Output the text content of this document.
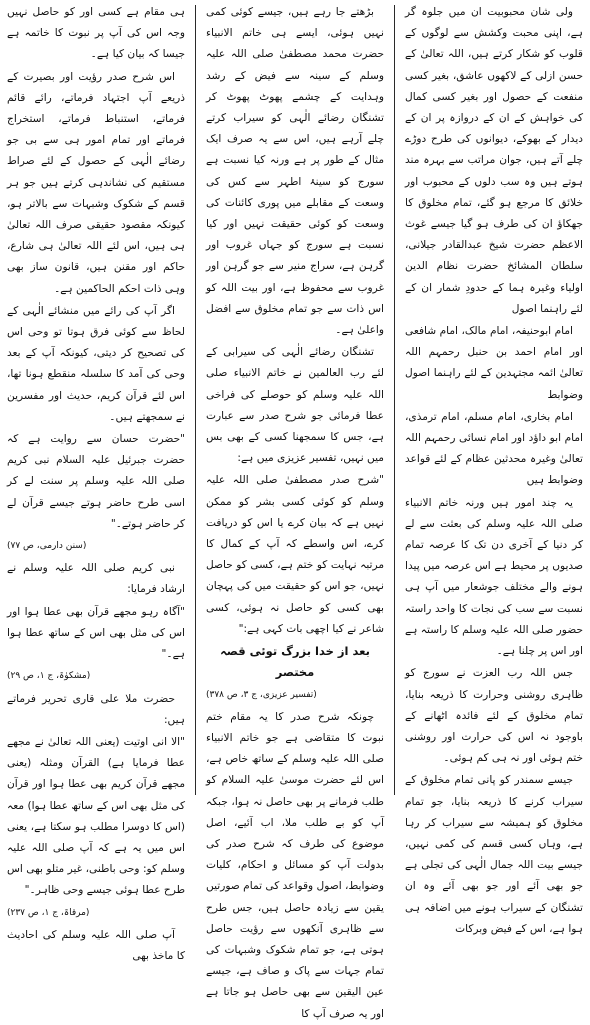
ولی شان محبوبیت ان میں جلوہ گر ہے، اپنی محبت وکشش سے لوگوں کے قلوب کو شکار کرتے ہیں، اللہ تعالیٰ کے حسن ازلی کے لاکھوں عاشق، بغیر کسی منفعت کے حصول اور بغیر کسی کمال کی خواہش کے ان کے دروازہ پر ان کے دیدار کے بھوکے، دیوانوں کی طرح دوڑے چلے آتے ہیں، جوان مراتب سے بہرہ مند ہوتے ہیں وہ سب دلوں کے محبوب اور خلائق کا مرجع ہو گئے، تمام مخلوق کا جھکاؤ ان کی طرف ہو گیا جیسے غوث الاعظم حضرت شیخ عبدالقادر جیلانی، سلطان المشائخ حضرت نظام الدین اولیاء وغیرہ ہما کے حدودِ شمار ان کے لئے راہنما اصول

امام ابوحنیفہ، امام مالک، امام شافعی اور امام احمد بن حنبل رحمہم اللہ تعالیٰ ائمہ مجتہدین کے لئے راہنما اصول وضوابط

امام بخاری، امام مسلم، امام ترمذی، امام ابو داؤد اور امام نسائی رحمہم اللہ تعالیٰ وغیرہ محدثین عظام کے لئے قواعد وضوابط ہیں

یہ چند امور ہیں ورنہ خاتم الانبیاء صلی اللہ علیہ وسلم کی بعثت سے لے کر دنیا کے آخری دن تک کا عرصہ تمام صدیوں پر محیط ہے اس عرصہ میں پیدا ہونے والے مختلف جوشعار میں آپ ہی نسبت سے سب کی نجات کا واحد راستہ حضور صلی اللہ علیہ وسلم کا راستہ ہے اور اس پر چلنا ہے۔

جس اللہ رب العزت نے سورج کو ظاہری روشنی وحرارت کا ذریعہ بنایا، تمام مخلوق کے لئے فائدہ اٹھانے کے باوجود نہ اس کی حرارت اور روشنی ختم ہوئی اور نہ ہی کم ہوئی۔

جیسے سمندر کو پانی تمام مخلوق کے سیراب کرنے کا ذریعہ بنایا، جو تمام مخلوق کو ہمیشہ سے سیراب کر رہا ہے، وہاں کسی قسم کی کمی نہیں، جیسے بیت اللہ جمال الٰہی کی تجلی ہے جو بھی آئے اور جو بھی آئے وہ ان تشنگان کے سیراب ہونے میں اضافہ ہی ہوا ہے، اس کے فیض وبرکات

بڑھتے جا رہے ہیں، جیسے کوئی کمی نہیں ہوئی، ایسے ہی خاتم الانبیاء حضرت محمد مصطفیٰ صلی اللہ علیہ وسلم کے سینہ سے فیض کے رشد وہدایت کے چشمے پھوٹ پھوٹ کر تشنگان رضائے الٰہی کو سیراب کرتے چلے آرہے ہیں، اس سے یہ صرف ایک مثال کے طور پر ہے ورنہ کیا نسبت ہے سورج کو سینۂ اطہر سے کس کی وسعت کے مقابلے میں پوری کائنات کی وسعت کو کوئی حقیقت نہیں اور کیا نسبت ہے سورج کو جہاں غروب اور گرہن ہے، سراج منیر سے جو گرہن اور غروب سے محفوظ ہے، اور بیت اللہ کو اس ذات سے جو تمام مخلوق سے افضل واعلیٰ ہے۔

تشنگان رضائے الٰہی کی سیرابی کے لئے رب العالمین نے خاتم الانبیاء صلی اللہ علیہ وسلم کو حوصلے کی فراخی عطا فرمائی جو شرح صدر سے عبارت ہے، جس کا سمجھنا کسی کے بھی بس میں نہیں، تفسیر عزیزی میں ہے:

"شرح صدر مصطفیٰ صلی اللہ علیہ وسلم کو کوئی کسی بشر کو ممکن نہیں ہے کہ بیان کرے یا اس کو دریافت کرے، اس واسطے کہ آپ کے کمال کا مرتبہ نہایت کو ختم ہے، کسی کو حاصل نہیں، جو اس کو حقیقت میں کی پہچان بھی کسی کو حاصل نہ ہوئی، کسی شاعر نے کیا اچھی بات کہی ہے:"

بعد از خدا بزرگ توئی قصہ مختصر

(تفسیر عزیزی، ج ۳، ص ۳۷۸)

چونکہ شرح صدر کا یہ مقام ختم نبوت کا متقاضی ہے جو خاتم الانبیاء صلی اللہ علیہ وسلم کے ساتھ خاص ہے، اس لئے حضرت موسیٰ علیہ السلام کو طلب فرمانے پر بھی حاصل نہ ہوا، جبکہ آپ کو بے طلب ملا، اب آئیے، اصل موضوع کی طرف کہ شرح صدر کی بدولت آپ کو مسائل و احکام، کلیات وضوابط، اصول وقواعد کی تمام صورتیں یقین سے زیادہ حاصل ہیں، جس طرح سے ظاہری آنکھوں سے رؤیت حاصل ہوتی ہے، جو تمام شکوک وشبہات کی تمام جہات سے پاک و صاف ہے، جیسے عین الیقین سے بھی حاصل ہو جاتا ہے اور یہ صرف آپ کا

ہی مقام ہے کسی اور کو حاصل نہیں وجہ اس کی آپ پر نبوت کا خاتمہ ہے جیسا کہ بیان کیا ہے۔

اس شرح صدر رؤیت اور بصیرت کے ذریعے آپ اجتہاد فرماتے، رائے قائم فرماتے، استنباط فرماتے، استخراج فرماتے اور تمام امور ہی سے بی جو رضائے الٰہی کے حصول کے لئے صراط مستقیم کی نشاندہی کرتے ہیں جو ہر قسم کے شکوک وشبہات سے بالاتر ہو، کیونکہ مقصود حقیقی صرف اللہ تعالیٰ ہی ہیں، اس لئے اللہ تعالیٰ ہی شارع، حاکم اور مقنن ہیں، قانون ساز بھی وہی ذات احکم الحاکمین ہے۔

اگر آپ کی رائے میں منشائے الٰہی کے لحاظ سے کوئی فرق ہوتا تو وحی اس کی تصحیح کر دیتی، کیونکہ آپ کے بعد وحی کی آمد کا سلسلہ منقطع ہونا تھا، اس لئے قرآن کریم، حدیث اور مفسرین نے سمجھتے ہیں۔

"حضرت حسان سے روایت ہے کہ حضرت جبرئیل علیہ السلام نبی کریم صلی اللہ علیہ وسلم پر سنت لے کر اسی طرح حاضر ہوتے جیسے قرآن لے کر حاضر ہوتے۔"

(سنن دارمی، ص ۷۷)

نبی کریم صلی اللہ علیہ وسلم نے ارشاد فرمایا:

"آگاہ رہو مجھے قرآن بھی عطا ہوا اور اس کی مثل بھی اس کے ساتھ عطا ہوا ہے۔"

(مشکوٰۃ، ج ۱، ص ۲۹)

حضرت ملا علی قاری تحریر فرماتے ہیں:

"الا انی اوتیت (یعنی اللہ تعالیٰ نے مجھے عطا فرمایا ہے) القرآن ومثلہ (یعنی مجھے قرآن کریم بھی عطا ہوا اور قرآن کی مثل بھی اس کے ساتھ عطا ہوا) معہ (اس کا دوسرا مطلب ہو سکتا ہے، یعنی اس میں یہ ہے کہ آپ صلی اللہ علیہ وسلم کو: وحی باطنی، غیر متلو بھی اس طرح عطا ہوئی جیسے وحی ظاہر۔"

(مرقاۃ، ج ۱، ص ۲۳۷)

آپ صلی اللہ علیہ وسلم کی احادیث کا ماخذ بھی
